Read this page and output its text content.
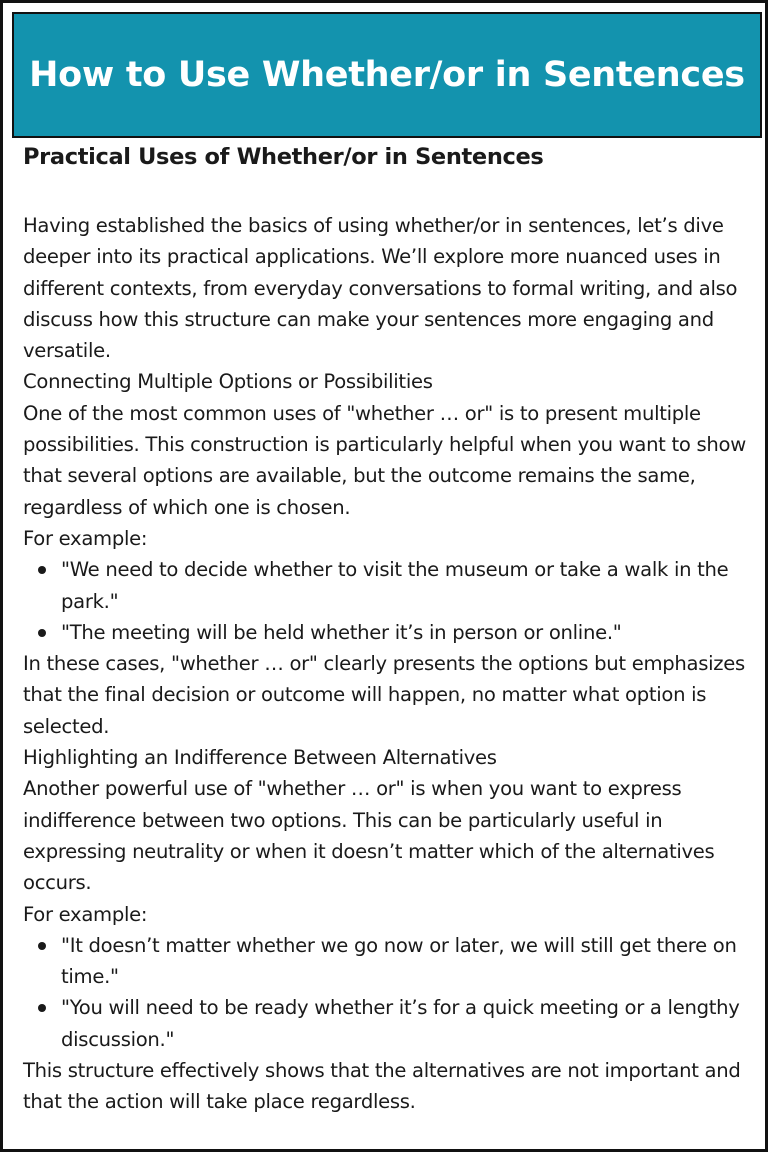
How to Use Whether/or in Sentences
Practical Uses of Whether/or in Sentences

Having established the basics of using whether/or in sentences, let’s dive deeper into its practical applications. We’ll explore more nuanced uses in different contexts, from everyday conversations to formal writing, and also discuss how this structure can make your sentences more engaging and versatile.

Connecting Multiple Options or Possibilities

One of the most common uses of "whether … or" is to present multiple possibilities. This construction is particularly helpful when you want to show that several options are available, but the outcome remains the same, regardless of which one is chosen.

For example:

"We need to decide whether to visit the museum or take a walk in the park."
"The meeting will be held whether it’s in person or online."

In these cases, "whether … or" clearly presents the options but emphasizes that the final decision or outcome will happen, no matter what option is selected.

Highlighting an Indifference Between Alternatives

Another powerful use of "whether … or" is when you want to express indifference between two options. This can be particularly useful in expressing neutrality or when it doesn’t matter which of the alternatives occurs.

For example:

"It doesn’t matter whether we go now or later, we will still get there on time."
"You will need to be ready whether it’s for a quick meeting or a lengthy discussion."

This structure effectively shows that the alternatives are not important and that the action will take place regardless.
